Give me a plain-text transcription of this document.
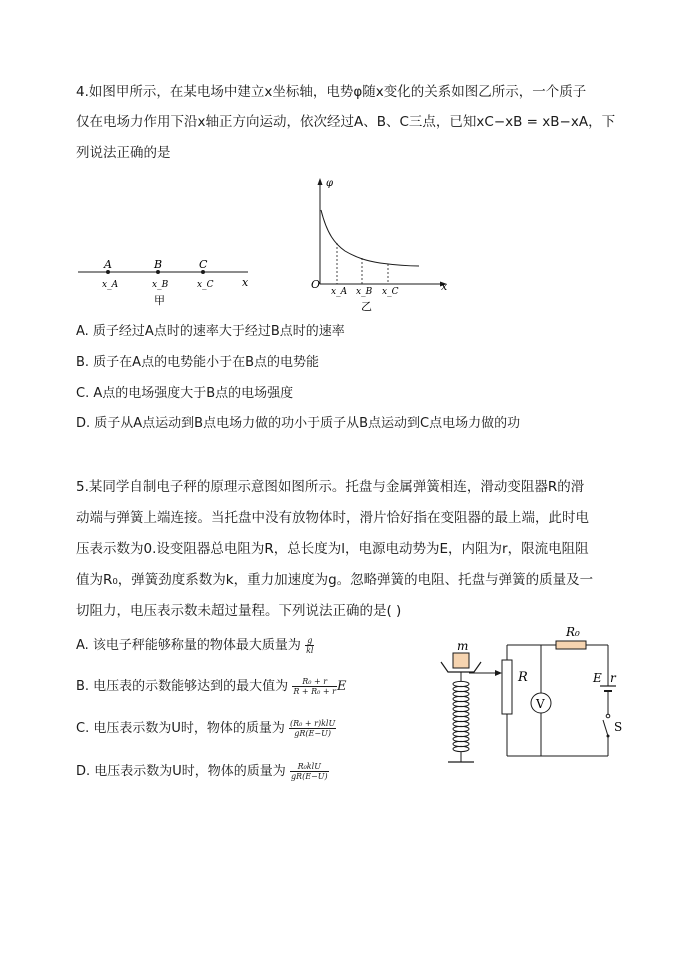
4.如图甲所示，在某电场中建立x坐标轴，电势φ随x变化的关系如图乙所示，一个质子
仅在电场力作用下沿x轴正方向运动，依次经过A、B、C三点，已知xC−xB = xB−xA，下
列说法正确的是
A	B	C
x_A	x_B	x_C	x
甲
φ
O	x
x_A x_B x_C
乙
A. 质子经过A点时的速率大于经过B点时的速率
B. 质子在A点的电势能小于在B点的电势能
C. A点的电场强度大于B点的电场强度
D. 质子从A点运动到B点电场力做的功小于质子从B点运动到C点电场力做的功
5.某同学自制电子秤的原理示意图如图所示。托盘与金属弹簧相连，滑动变阻器R的滑
动端与弹簧上端连接。当托盘中没有放物体时，滑片恰好指在变阻器的最上端，此时电
压表示数为0.设变阻器总电阻为R，总长度为l，电源电动势为E，内阻为r，限流电阻阻
值为R₀，弹簧劲度系数为k，重力加速度为g。忽略弹簧的电阻、托盘与弹簧的质量及一
切阻力，电压表示数未超过量程。下列说法正确的是( )
A. 该电子秤能够称量的物体最大质量为 $\frac{g}{kl}$
B. 电压表的示数能够达到的最大值为 $\frac{\text{R₀ + r}}{\text{R + R₀ + r}}$ E
C. 电压表示数为U时，物体的质量为 $\frac{\text{(R₀ + r)klU}}{gR(E-U)}$
D. 电压表示数为U时，物体的质量为 $\frac{\text{R₀klU}}{gR(E-U)}$
m
R
R₀
V
E r
S
